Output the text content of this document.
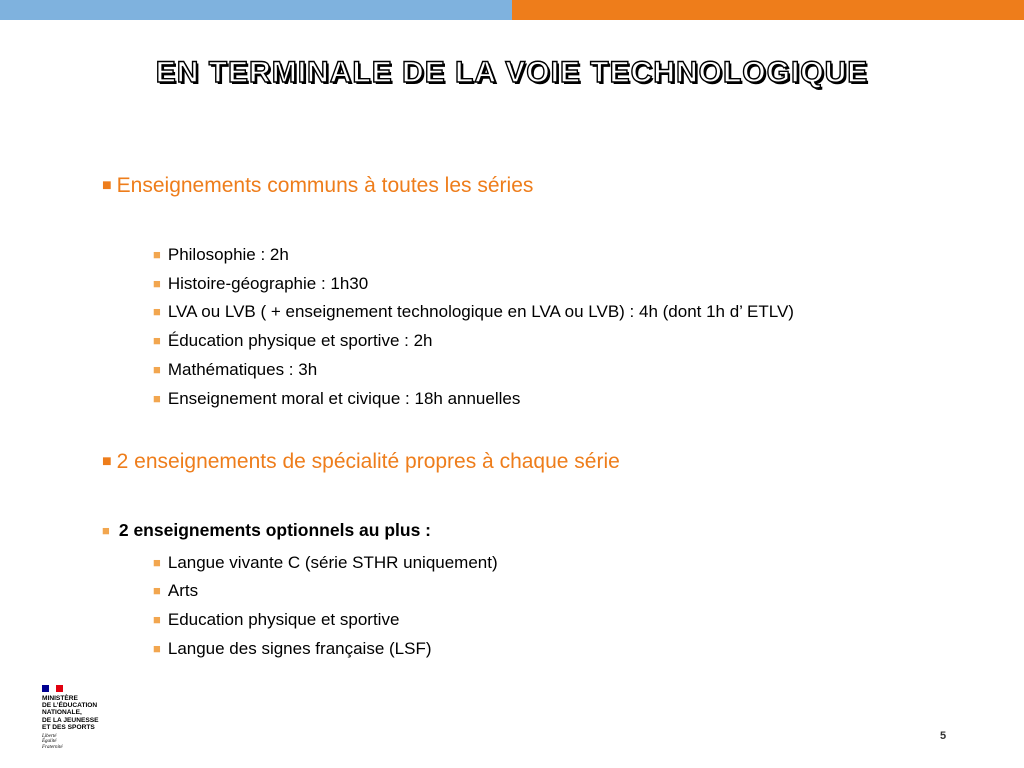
EN TERMINALE DE LA VOIE TECHNOLOGIQUE
■ Enseignements communs à toutes les séries
■ Philosophie : 2h
■ Histoire-géographie : 1h30
■ LVA ou LVB ( + enseignement technologique en LVA ou LVB) : 4h (dont 1h d’ ETLV)
■ Éducation physique et sportive : 2h
■ Mathématiques : 3h
■ Enseignement moral et civique : 18h annuelles
■ 2 enseignements de spécialité propres à chaque série
■ 2 enseignements optionnels au plus :
■ Langue vivante C (série STHR uniquement)
■ Arts
■ Education physique et sportive
■ Langue des signes française (LSF)
MINISTÈRE
DE L’ÉDUCATION
NATIONALE,
DE LA JEUNESSE
ET DES SPORTS
Liberté
Égalité
Fraternité
5
